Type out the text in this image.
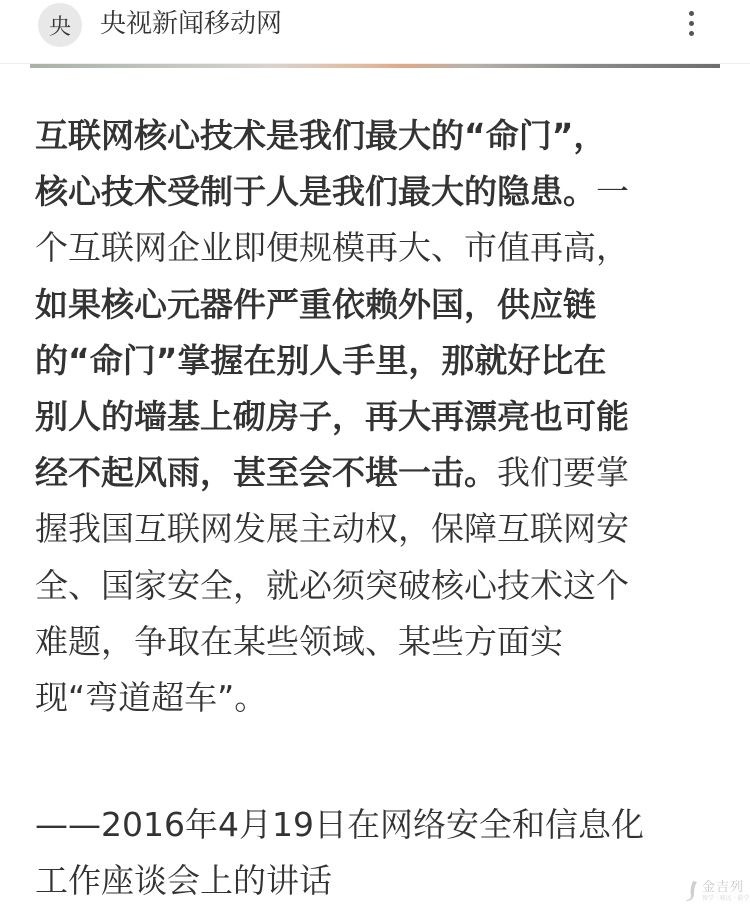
央	央视新闻移动网

互联网核心技术是我们最大的“命门”，
核心技术受制于人是我们最大的隐患。一
个互联网企业即便规模再大、市值再高，
如果核心元器件严重依赖外国，供应链
的“命门”掌握在别人手里，那就好比在
别人的墙基上砌房子，再大再漂亮也可能
经不起风雨，甚至会不堪一击。我们要掌
握我国互联网发展主动权，保障互联网安
全、国家安全，就必须突破核心技术这个
难题，争取在某些领域、某些方面实
现“弯道超车”。

——2016年4月19日在网络安全和信息化
工作座谈会上的讲话	金吉列
留学 · 移民 · 游学
